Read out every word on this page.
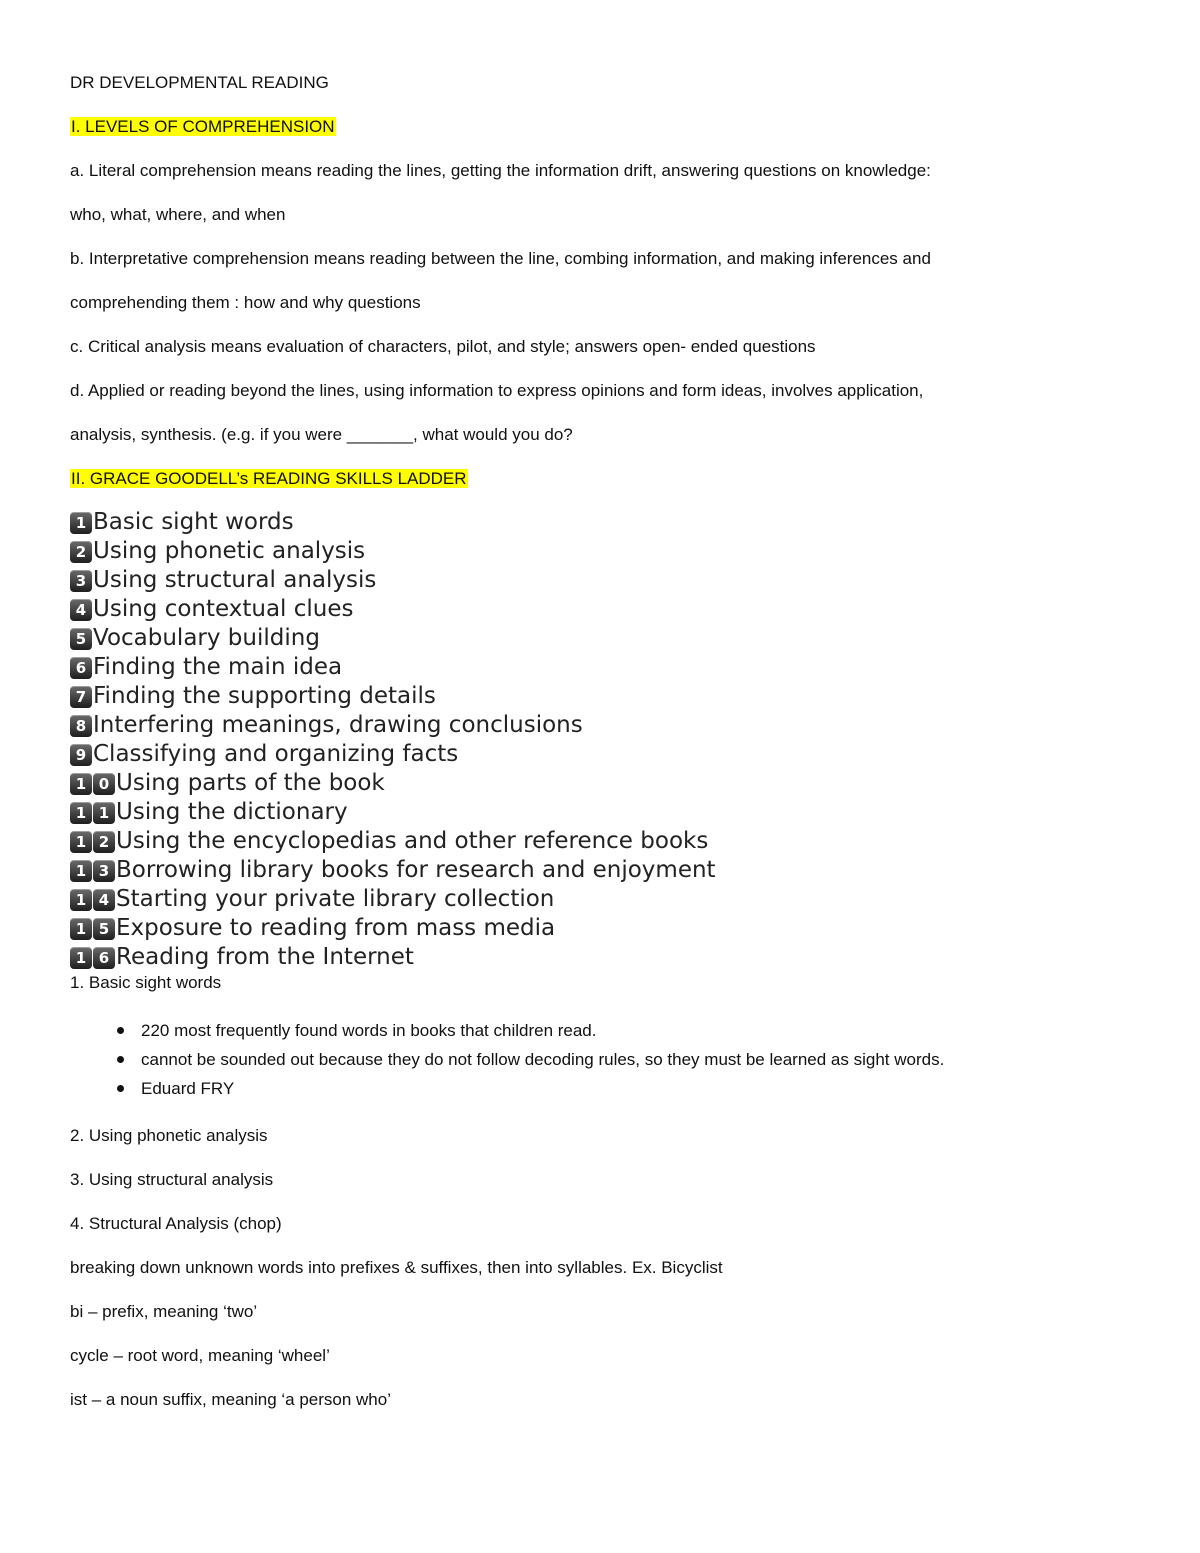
DR DEVELOPMENTAL READING

I. LEVELS OF COMPREHENSION

a. Literal comprehension means reading the lines, getting the information drift, answering questions on knowledge:

who, what, where, and when

b. Interpretative comprehension means reading between the line, combing information, and making inferences and

comprehending them : how and why questions

c. Critical analysis means evaluation of characters, pilot, and style; answers open- ended questions

d. Applied or reading beyond the lines, using information to express opinions and form ideas, involves application,

analysis, synthesis. (e.g. if you were _______, what would you do?

II. GRACE GOODELL’s READING SKILLS LADDER

1 Basic sight words
2 Using phonetic analysis
3 Using structural analysis
4 Using contextual clues
5 Vocabulary building
6 Finding the main idea
7 Finding the supporting details
8 Interfering meanings, drawing conclusions
9 Classifying and organizing facts
1 0 Using parts of the book
1 1 Using the dictionary
1 2 Using the encyclopedias and other reference books
1 3 Borrowing library books for research and enjoyment
1 4 Starting your private library collection
1 5 Exposure to reading from mass media
1 6 Reading from the Internet

1. Basic sight words

220 most frequently found words in books that children read.
cannot be sounded out because they do not follow decoding rules, so they must be learned as sight words.
Eduard FRY

2. Using phonetic analysis

3. Using structural analysis

4. Structural Analysis (chop)

breaking down unknown words into prefixes & suffixes, then into syllables. Ex. Bicyclist

bi – prefix, meaning ‘two’

cycle – root word, meaning ‘wheel’

ist – a noun suffix, meaning ‘a person who’
